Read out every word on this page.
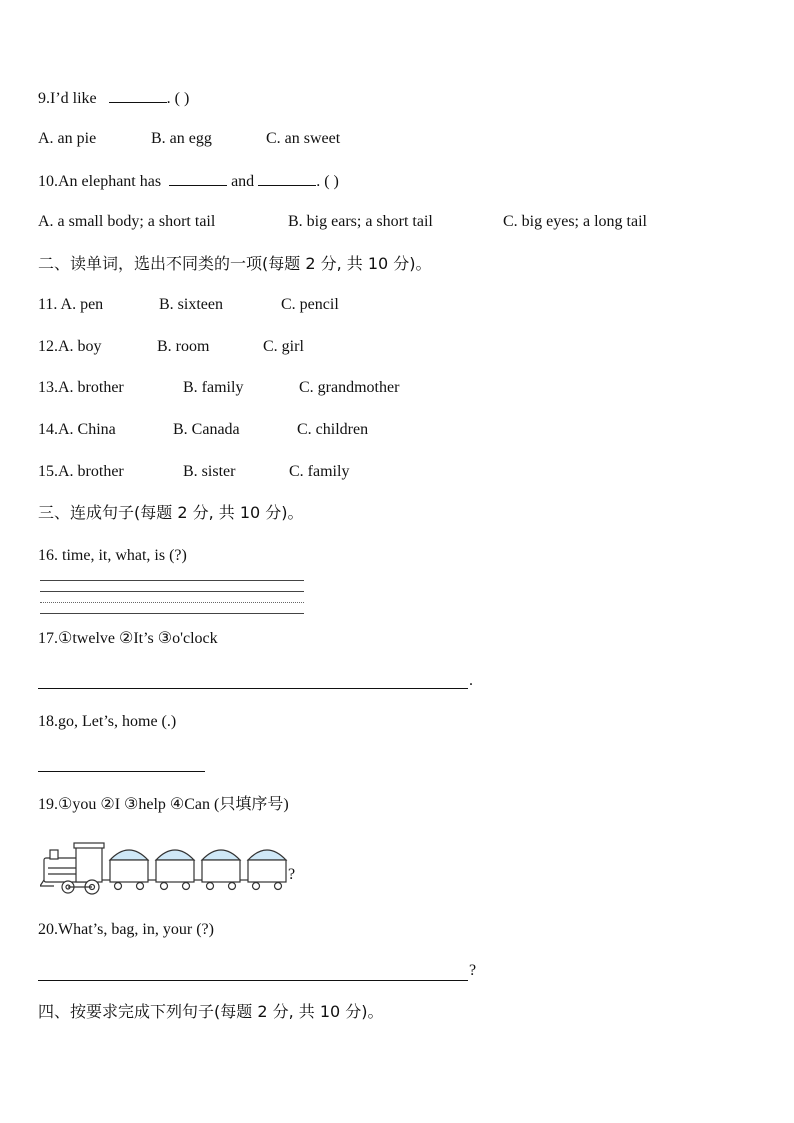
9.I’d like	. ( )
A. an pie	B. an egg	C. an sweet
10.An elephant has	and	. ( )
A. a small body; a short tail	B. big ears; a short tail	C. big eyes; a long tail
二、读单词，选出不同类的一项(每题 2 分, 共 10 分)。
11. A. pen	B. sixteen	C. pencil
12.A. boy	B. room	C. girl
13.A. brother	B. family	C. grandmother
14.A. China	B. Canada	C. children
15.A. brother	B. sister	C. family
三、连成句子(每题 2 分, 共 10 分)。
16. time, it, what, is (?)
17.①twelve ②It’s ③o'clock
.
18.go, Let’s, home (.)
19.①you ②I ③help ④Can (只填序号)
?
20.What’s, bag, in, your (?)
?
四、按要求完成下列句子(每题 2 分, 共 10 分)。
